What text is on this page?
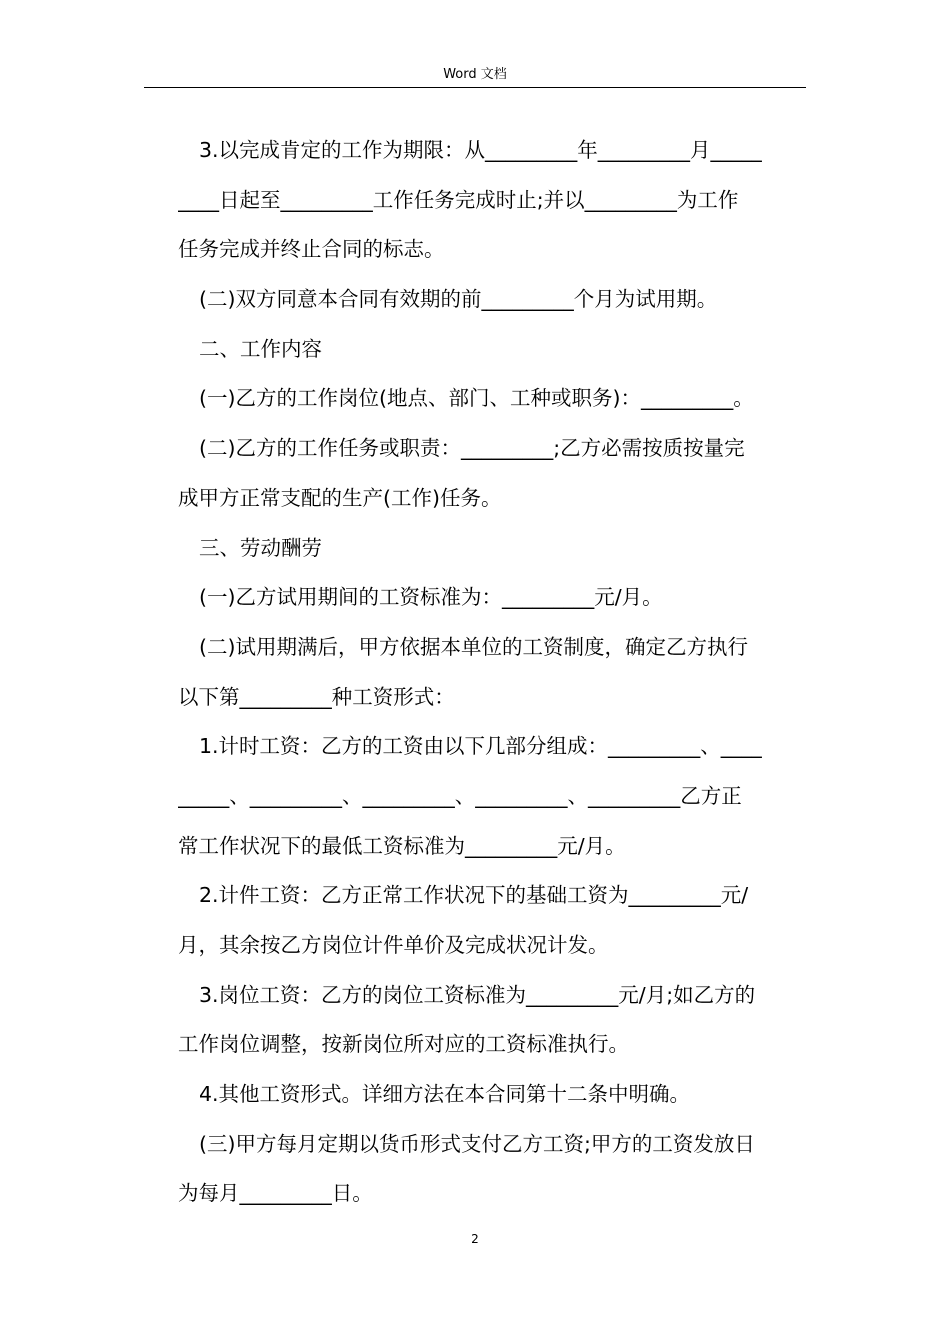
Word 文档
3.以完成肯定的工作为期限：从_________年_________月_____
____日起至_________工作任务完成时止;并以_________为工作
任务完成并终止合同的标志。
(二)双方同意本合同有效期的前_________个月为试用期。
二、工作内容
(一)乙方的工作岗位(地点、部门、工种或职务)：_________。
(二)乙方的工作任务或职责：_________;乙方必需按质按量完
成甲方正常支配的生产(工作)任务。
三、劳动酬劳
(一)乙方试用期间的工资标准为：_________元/月。
(二)试用期满后，甲方依据本单位的工资制度，确定乙方执行
以下第_________种工资形式：
1.计时工资：乙方的工资由以下几部分组成：_________、____
_____、_________、_________、_________、_________乙方正
常工作状况下的最低工资标准为_________元/月。
2.计件工资：乙方正常工作状况下的基础工资为_________元/
月，其余按乙方岗位计件单价及完成状况计发。
3.岗位工资：乙方的岗位工资标准为_________元/月;如乙方的
工作岗位调整，按新岗位所对应的工资标准执行。
4.其他工资形式。详细方法在本合同第十二条中明确。
(三)甲方每月定期以货币形式支付乙方工资;甲方的工资发放日
为每月_________日。
2
